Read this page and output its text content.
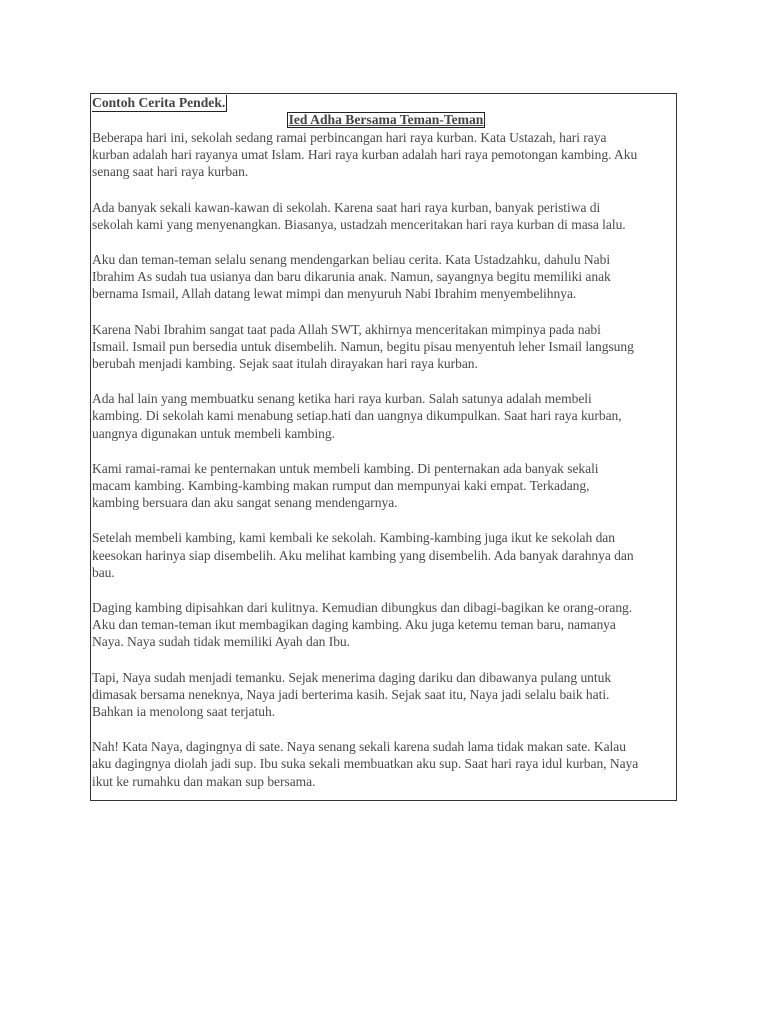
Contoh Cerita Pendek.
Ied Adha Bersama Teman-Teman
Beberapa hari ini, sekolah sedang ramai perbincangan hari raya kurban. Kata Ustazah, hari raya
kurban adalah hari rayanya umat Islam. Hari raya kurban adalah hari raya pemotongan kambing. Aku
senang saat hari raya kurban.
Ada banyak sekali kawan-kawan di sekolah. Karena saat hari raya kurban, banyak peristiwa di
sekolah kami yang menyenangkan. Biasanya, ustadzah menceritakan hari raya kurban di masa lalu.
Aku dan teman-teman selalu senang mendengarkan beliau cerita. Kata Ustadzahku, dahulu Nabi
Ibrahim As sudah tua usianya dan baru dikarunia anak. Namun, sayangnya begitu memiliki anak
bernama Ismail, Allah datang lewat mimpi dan menyuruh Nabi Ibrahim menyembelihnya.
Karena Nabi Ibrahim sangat taat pada Allah SWT, akhirnya menceritakan mimpinya pada nabi
Ismail. Ismail pun bersedia untuk disembelih. Namun, begitu pisau menyentuh leher Ismail langsung
berubah menjadi kambing. Sejak saat itulah dirayakan hari raya kurban.
Ada hal lain yang membuatku senang ketika hari raya kurban. Salah satunya adalah membeli
kambing. Di sekolah kami menabung setiap.hati dan uangnya dikumpulkan. Saat hari raya kurban,
uangnya digunakan untuk membeli kambing.
Kami ramai-ramai ke penternakan untuk membeli kambing. Di penternakan ada banyak sekali
macam kambing. Kambing-kambing makan rumput dan mempunyai kaki empat. Terkadang,
kambing bersuara dan aku sangat senang mendengarnya.
Setelah membeli kambing, kami kembali ke sekolah. Kambing-kambing juga ikut ke sekolah dan
keesokan harinya siap disembelih. Aku melihat kambing yang disembelih. Ada banyak darahnya dan
bau.
Daging kambing dipisahkan dari kulitnya. Kemudian dibungkus dan dibagi-bagikan ke orang-orang.
Aku dan teman-teman ikut membagikan daging kambing. Aku juga ketemu teman baru, namanya
Naya. Naya sudah tidak memiliki Ayah dan Ibu.
Tapi, Naya sudah menjadi temanku. Sejak menerima daging dariku dan dibawanya pulang untuk
dimasak bersama neneknya, Naya jadi berterima kasih. Sejak saat itu, Naya jadi selalu baik hati.
Bahkan ia menolong saat terjatuh.
Nah! Kata Naya, dagingnya di sate. Naya senang sekali karena sudah lama tidak makan sate. Kalau
aku dagingnya diolah jadi sup. Ibu suka sekali membuatkan aku sup. Saat hari raya idul kurban, Naya
ikut ke rumahku dan makan sup bersama.
